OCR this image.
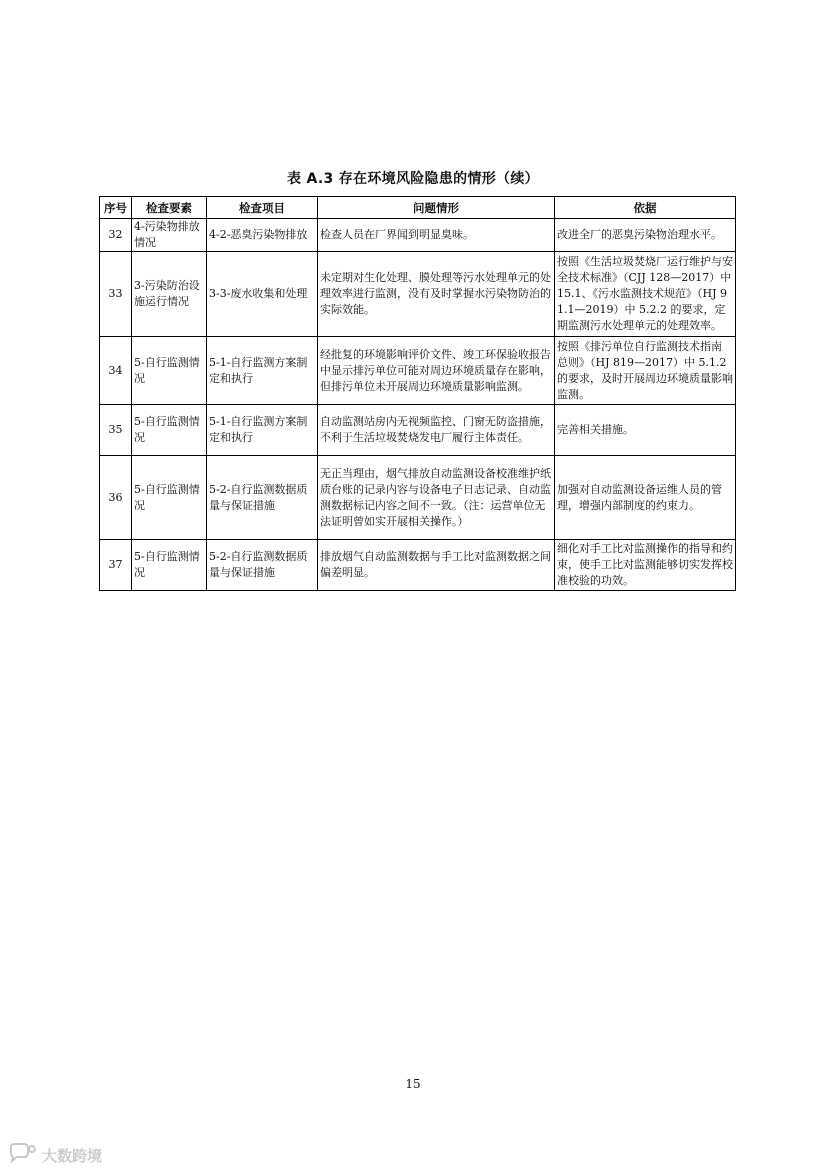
表 A.3 存在环境风险隐患的情形（续）
序号	检查要素	检查项目	问题情形	依据
32	4-污染物排放情况	4-2-恶臭污染物排放	检查人员在厂界闻到明显臭味。	改进全厂的恶臭污染物治理水平。
33	3-污染防治设施运行情况	3-3-废水收集和处理	未定期对生化处理、膜处理等污水处理单元的处理效率进行监测，没有及时掌握水污染物防治的实际效能。	按照《生活垃圾焚烧厂运行维护与安全技术标准》（CJJ 128—2017）中15.1、《污水监测技术规范》（HJ 91.1—2019）中 5.2.2 的要求，定期监测污水处理单元的处理效率。
34	5-自行监测情况	5-1-自行监测方案制定和执行	经批复的环境影响评价文件、竣工环保验收报告中显示排污单位可能对周边环境质量存在影响，但排污单位未开展周边环境质量影响监测。	按照《排污单位自行监测技术指南 总则》（HJ 819—2017）中 5.1.2 的要求，及时开展周边环境质量影响监测。
35	5-自行监测情况	5-1-自行监测方案制定和执行	自动监测站房内无视频监控、门窗无防盗措施，不利于生活垃圾焚烧发电厂履行主体责任。	完善相关措施。
36	5-自行监测情况	5-2-自行监测数据质量与保证措施	无正当理由，烟气排放自动监测设备校准维护纸质台账的记录内容与设备电子日志记录、自动监测数据标记内容之间不一致。（注：运营单位无法证明曾如实开展相关操作。）	加强对自动监测设备运维人员的管理，增强内部制度的约束力。
37	5-自行监测情况	5-2-自行监测数据质量与保证措施	排放烟气自动监测数据与手工比对监测数据之间偏差明显。	细化对手工比对监测操作的指导和约束，使手工比对监测能够切实发挥校准校验的功效。
15
大数跨境
